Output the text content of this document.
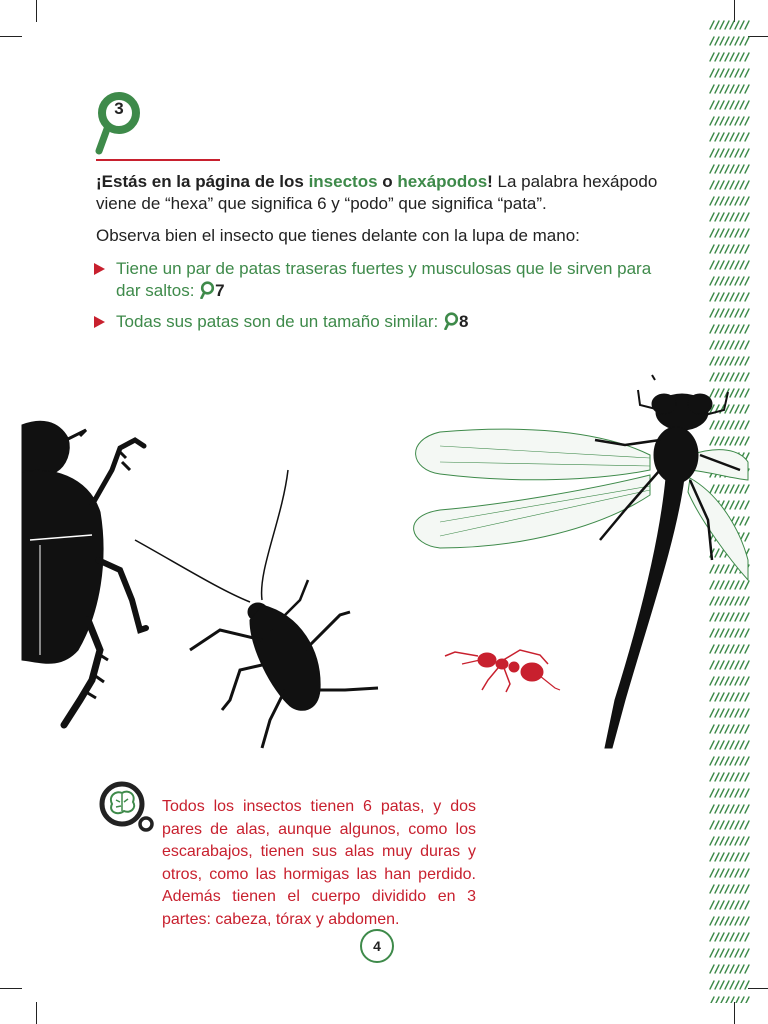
3

¡Estás en la página de los insectos o hexápodos! La palabra hexápodo viene de “hexa” que significa 6 y “podo” que significa “pata”.

Observa bien el insecto que tienes delante con la lupa de mano:

Tiene un par de patas traseras fuertes y musculosas que le sirven para dar saltos: 7
Todas sus patas son de un tamaño similar: 8

Todos los insectos tienen 6 patas, y dos pares de alas, aunque algunos, como los escarabajos, tienen sus alas muy duras y otros, como las hormigas las han perdido. Además tienen el cuerpo dividido en 3 partes: cabeza, tórax y abdomen.

4
